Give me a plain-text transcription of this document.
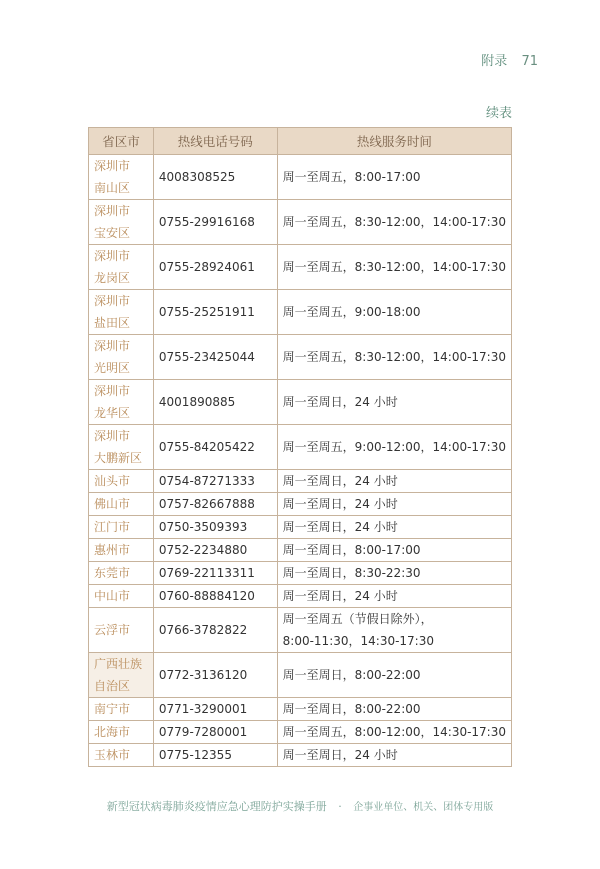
附录 71
续表
省区市	热线电话号码	热线服务时间

深圳市
南山区	4008308525	周一至周五，8:00-17:00

深圳市
宝安区	0755-29916168	周一至周五，8:30-12:00，14:00-17:30

深圳市
龙岗区	0755-28924061	周一至周五，8:30-12:00，14:00-17:30

深圳市
盐田区	0755-25251911	周一至周五，9:00-18:00

深圳市
光明区	0755-23425044	周一至周五，8:30-12:00，14:00-17:30

深圳市
龙华区	4001890885	周一至周日，24 小时

深圳市
大鹏新区	0755-84205422	周一至周五，9:00-12:00，14:00-17:30

汕头市	0754-87271333	周一至周日，24 小时

佛山市	0757-82667888	周一至周日，24 小时

江门市	0750-3509393	周一至周日，24 小时

惠州市	0752-2234880	周一至周日，8:00-17:00

东莞市	0769-22113311	周一至周日，8:30-22:30

中山市	0760-88884120	周一至周日，24 小时

云浮市	0766-3782822	周一至周五（节假日除外），
8:00-11:30，14:30-17:30

广西壮族
自治区	0772-3136120	周一至周日，8:00-22:00

南宁市	0771-3290001	周一至周日，8:00-22:00

北海市	0779-7280001	周一至周五，8:00-12:00，14:30-17:30

玉林市	0775-12355	周一至周日，24 小时
新型冠状病毒肺炎疫情应急心理防护实操手册 · 企事业单位、机关、团体专用版
